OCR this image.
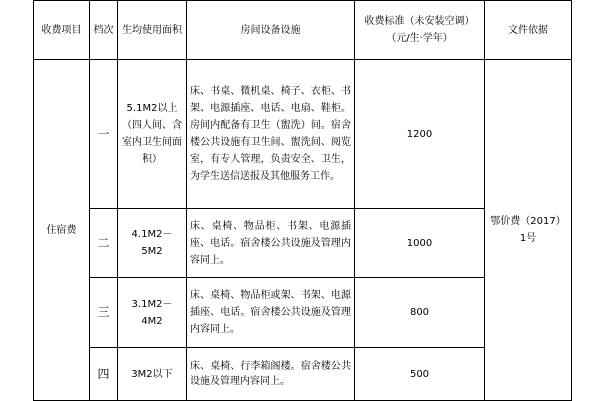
收费项目	档次	生均使用面积	房间设备设施	收费标准（未安装空调）（元/生·学年）	文件依据
住宿费	一	5.1M2以上（四人间、含室内卫生间面积）	床、书桌、微机桌、椅子、衣柜、书架、电源插座、电话、电扇、鞋柜。房间内配备有卫生（盥洗）间。宿舍楼公共设施有卫生间、盥洗间、阅览室，有专人管理，负责安全、卫生，为学生送信送报及其他服务工作。	1200	鄂价费（2017）1号
	二	4.1M2－5M2	床、桌椅、物品柜、书架、电源插座、电话。宿舍楼公共设施及管理内容同上。	1000	
	三	3.1M2－4M2	床、桌椅、物品柜或架、书架、电源插座、电话。宿舍楼公共设施及管理内容同上。	800	
	四	3M2以下	床、桌椅、行李箱阁楼。宿舍楼公共设施及管理内容同上。	500	
